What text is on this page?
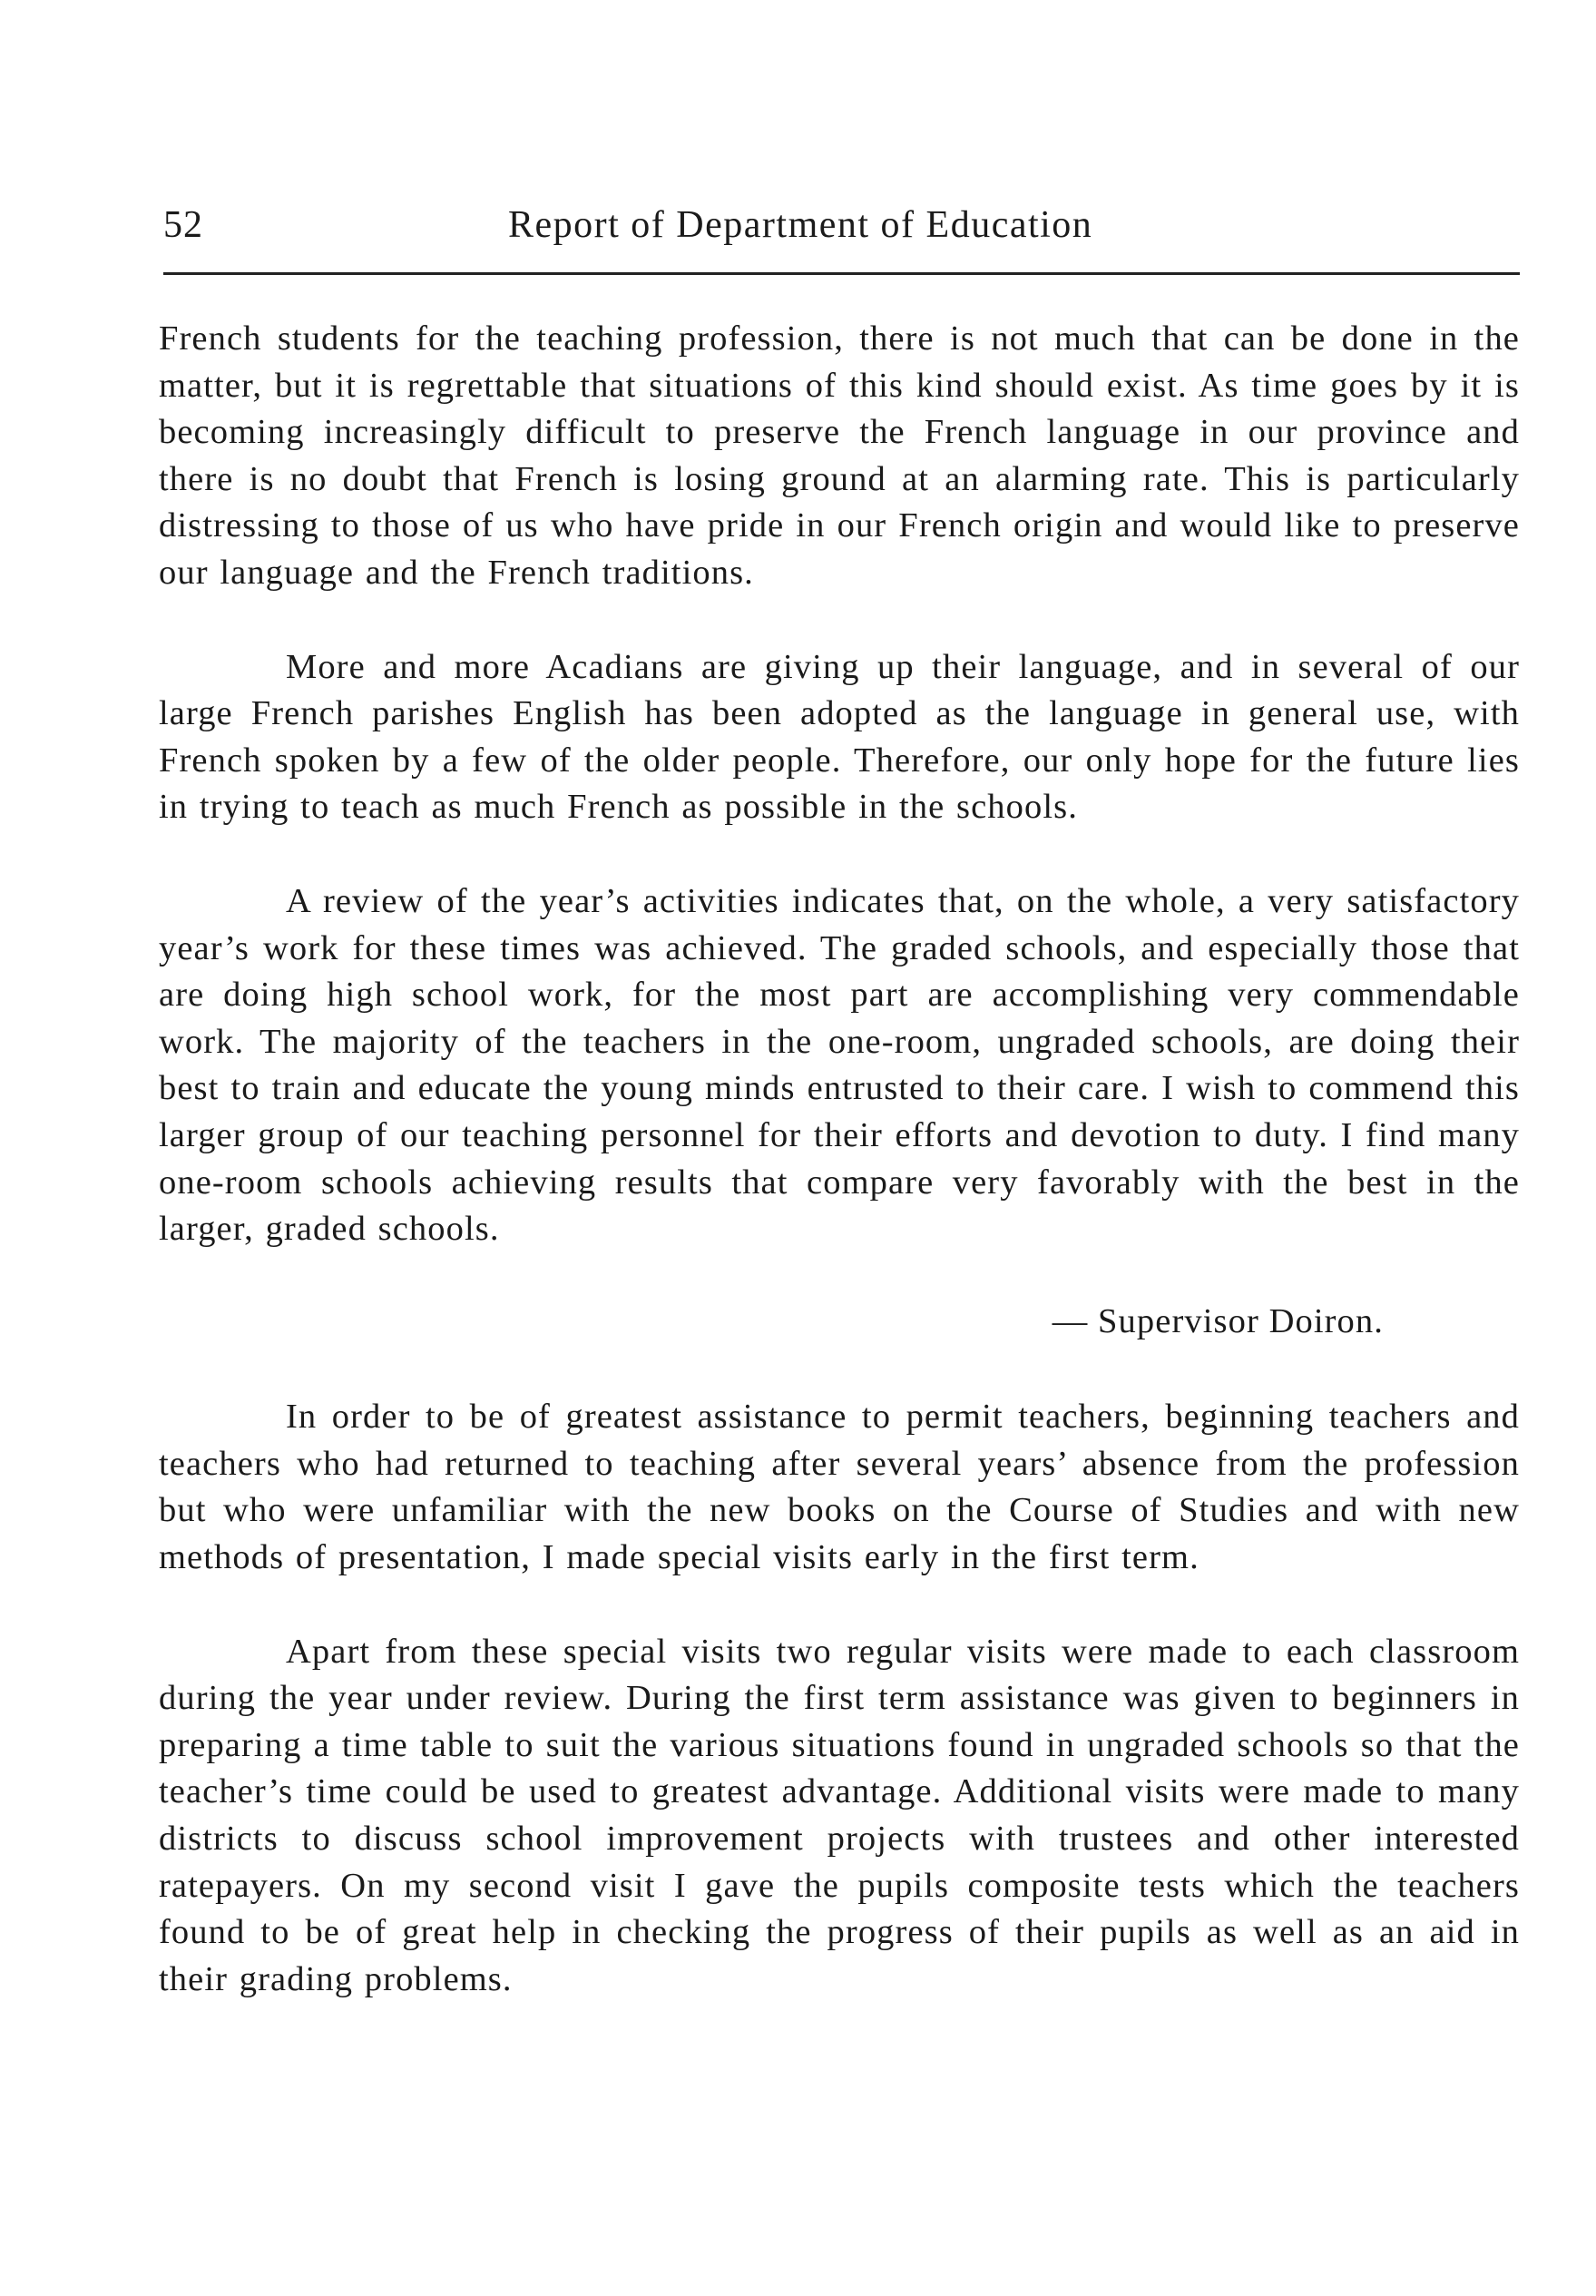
52	Report of Department of Education

French students for the teaching profession, there is not much that can be done in the matter, but it is regrettable that situations of this kind should exist. As time goes by it is becoming increasingly difficult to preserve the French language in our province and there is no doubt that French is losing ground at an alarming rate. This is particularly distressing to those of us who have pride in our French origin and would like to preserve our language and the French traditions.

More and more Acadians are giving up their language, and in several of our large French parishes English has been adopted as the language in general use, with French spoken by a few of the older people. Therefore, our only hope for the future lies in trying to teach as much French as possible in the schools.

A review of the year’s activities indicates that, on the whole, a very satisfactory year’s work for these times was achieved. The graded schools, and especially those that are doing high school work, for the most part are accomplishing very commendable work. The majority of the teachers in the one-room, ungraded schools, are doing their best to train and educate the young minds entrusted to their care. I wish to commend this larger group of our teaching personnel for their efforts and devotion to duty. I find many one-room schools achieving results that compare very favorably with the best in the larger, graded schools.

— Supervisor Doiron.

In order to be of greatest assistance to permit teachers, beginning teachers and teachers who had returned to teaching after several years’ absence from the profession but who were unfamiliar with the new books on the Course of Studies and with new methods of presentation, I made special visits early in the first term.

Apart from these special visits two regular visits were made to each classroom during the year under review. During the first term assistance was given to beginners in preparing a time table to suit the various situations found in ungraded schools so that the teacher’s time could be used to greatest advantage. Additional visits were made to many districts to discuss school improvement projects with trustees and other interested ratepayers. On my second visit I gave the pupils composite tests which the teachers found to be of great help in checking the progress of their pupils as well as an aid in their grading problems.
